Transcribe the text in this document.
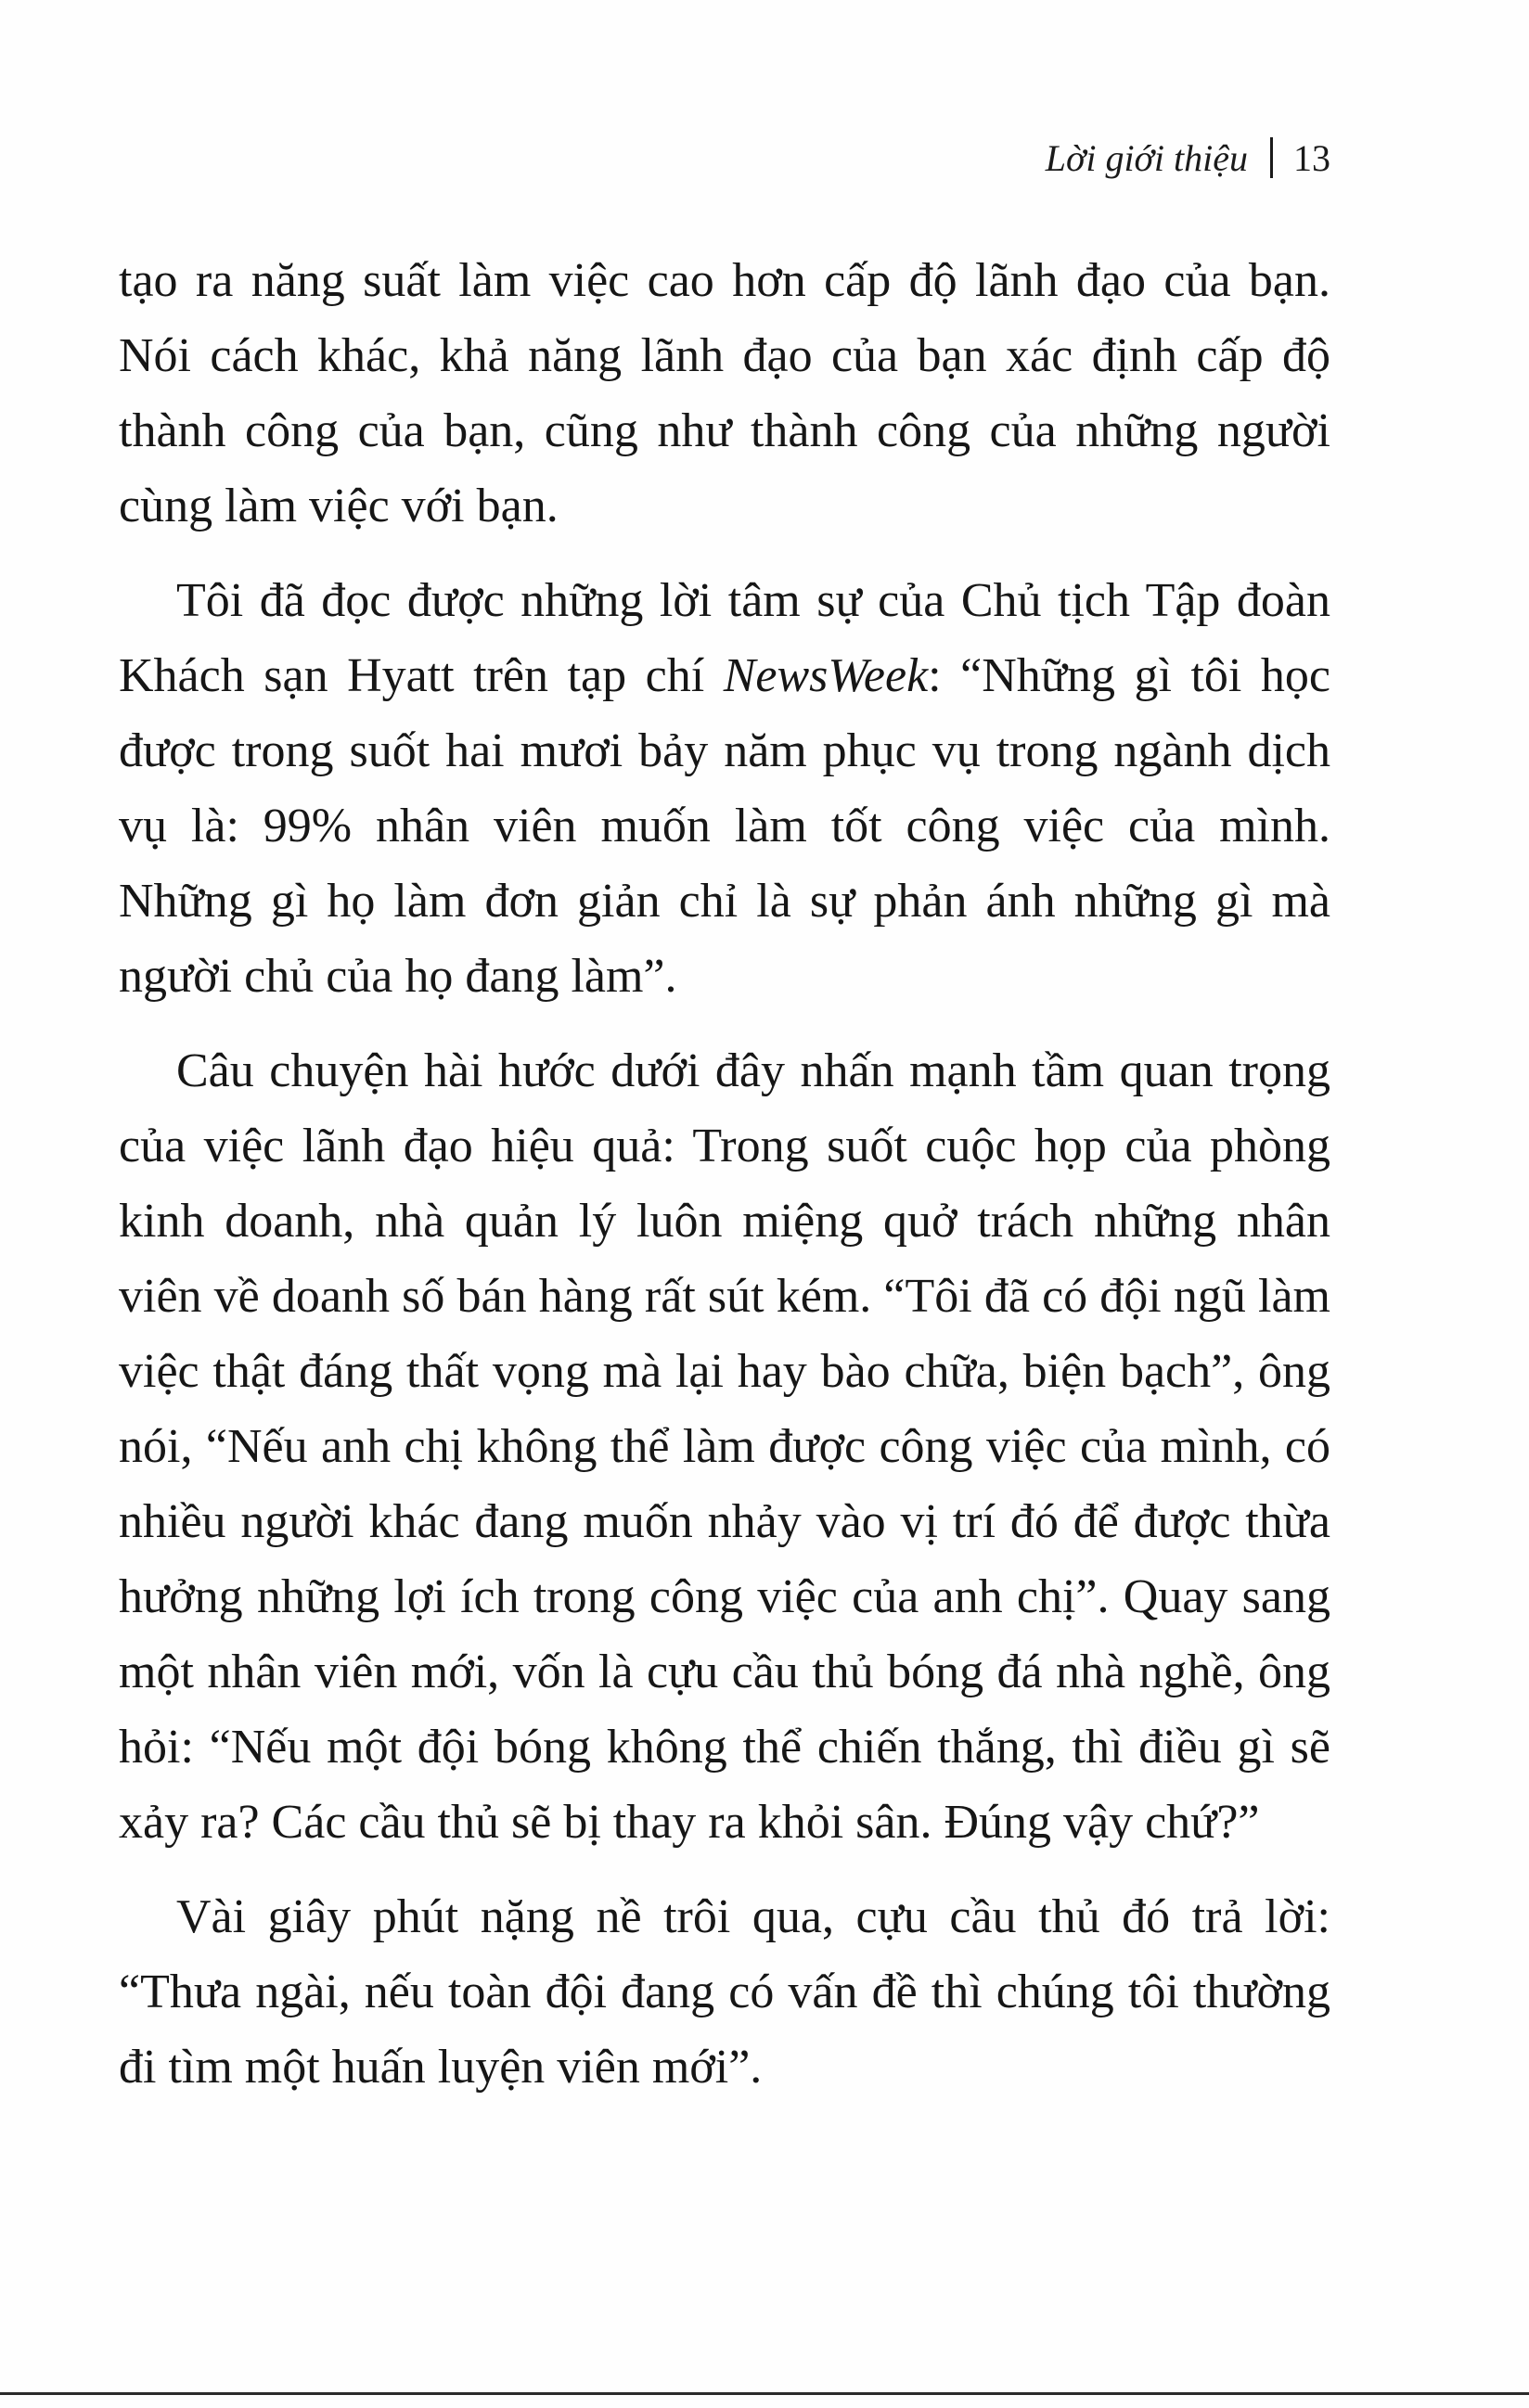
Lời giới thiệu 13

tạo ra năng suất làm việc cao hơn cấp độ lãnh đạo của bạn. Nói cách khác, khả năng lãnh đạo của bạn xác định cấp độ thành công của bạn, cũng như thành công của những người cùng làm việc với bạn.

Tôi đã đọc được những lời tâm sự của Chủ tịch Tập đoàn Khách sạn Hyatt trên tạp chí NewsWeek: “Những gì tôi học được trong suốt hai mươi bảy năm phục vụ trong ngành dịch vụ là: 99% nhân viên muốn làm tốt công việc của mình. Những gì họ làm đơn giản chỉ là sự phản ánh những gì mà người chủ của họ đang làm”.

Câu chuyện hài hước dưới đây nhấn mạnh tầm quan trọng của việc lãnh đạo hiệu quả: Trong suốt cuộc họp của phòng kinh doanh, nhà quản lý luôn miệng quở trách những nhân viên về doanh số bán hàng rất sút kém. “Tôi đã có đội ngũ làm việc thật đáng thất vọng mà lại hay bào chữa, biện bạch”, ông nói, “Nếu anh chị không thể làm được công việc của mình, có nhiều người khác đang muốn nhảy vào vị trí đó để được thừa hưởng những lợi ích trong công việc của anh chị”. Quay sang một nhân viên mới, vốn là cựu cầu thủ bóng đá nhà nghề, ông hỏi: “Nếu một đội bóng không thể chiến thắng, thì điều gì sẽ xảy ra? Các cầu thủ sẽ bị thay ra khỏi sân. Đúng vậy chứ?”

Vài giây phút nặng nề trôi qua, cựu cầu thủ đó trả lời: “Thưa ngài, nếu toàn đội đang có vấn đề thì chúng tôi thường đi tìm một huấn luyện viên mới”.
